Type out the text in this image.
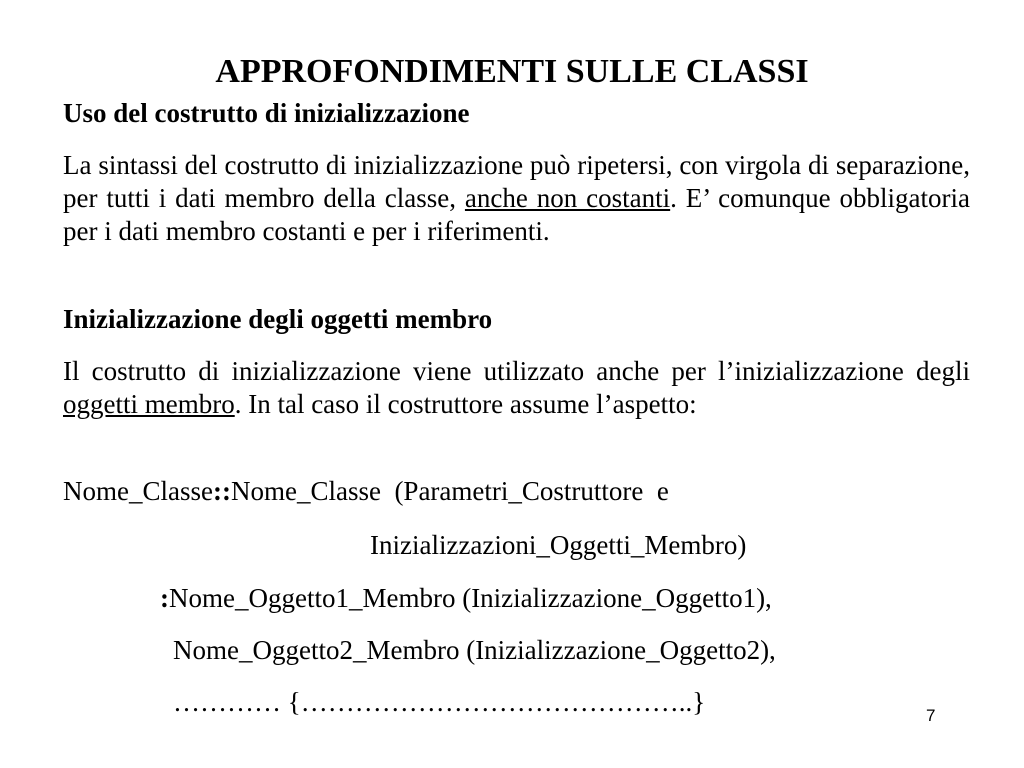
APPROFONDIMENTI SULLE CLASSI

Uso del costrutto di inizializzazione

La sintassi del costrutto di inizializzazione può ripetersi, con virgola di separazione, per tutti i dati membro della classe, anche non costanti. E’ comunque obbligatoria per i dati membro costanti e per i riferimenti.

Inizializzazione degli oggetti membro

Il costrutto di inizializzazione viene utilizzato anche per l’inizializzazione degli oggetti membro. In tal caso il costruttore assume l’aspetto:

Nome_Classe::Nome_Classe  (Parametri_Costruttore  e

Inizializzazioni_Oggetti_Membro)

:Nome_Oggetto1_Membro (Inizializzazione_Oggetto1),

Nome_Oggetto2_Membro (Inizializzazione_Oggetto2),

………… {……………………………………..}	7
